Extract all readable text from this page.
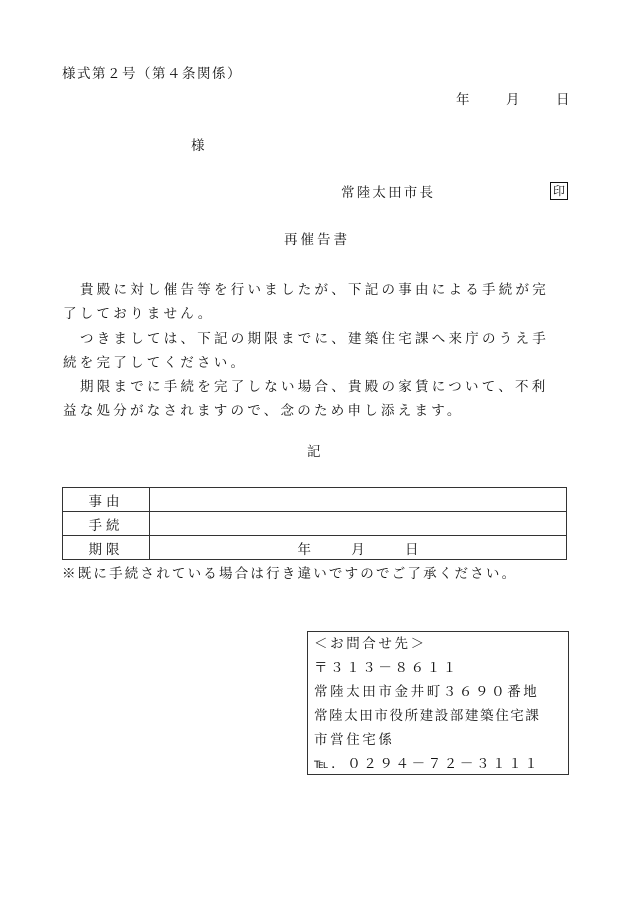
様式第２号（第４条関係）
年	月	日
様
常陸太田市長	印
再催告書

貴殿に対し催告等を行いましたが、下記の事由による手続が完了しておりません。

つきましては、下記の期限までに、建築住宅課へ来庁のうえ手続を完了してください。

期限までに手続を完了しない場合、貴殿の家賃について、不利益な処分がなされますので、念のため申し添えます。

記
事由	
手続	
期限	年 月 日
※既に手続されている場合は行き違いですのでご了承ください。
＜お問合せ先＞
〒３１３－８６１１
常陸太田市金井町３６９０番地
常陸太田市役所建設部建築住宅課
市営住宅係
℡．０２９４－７２－３１１１
